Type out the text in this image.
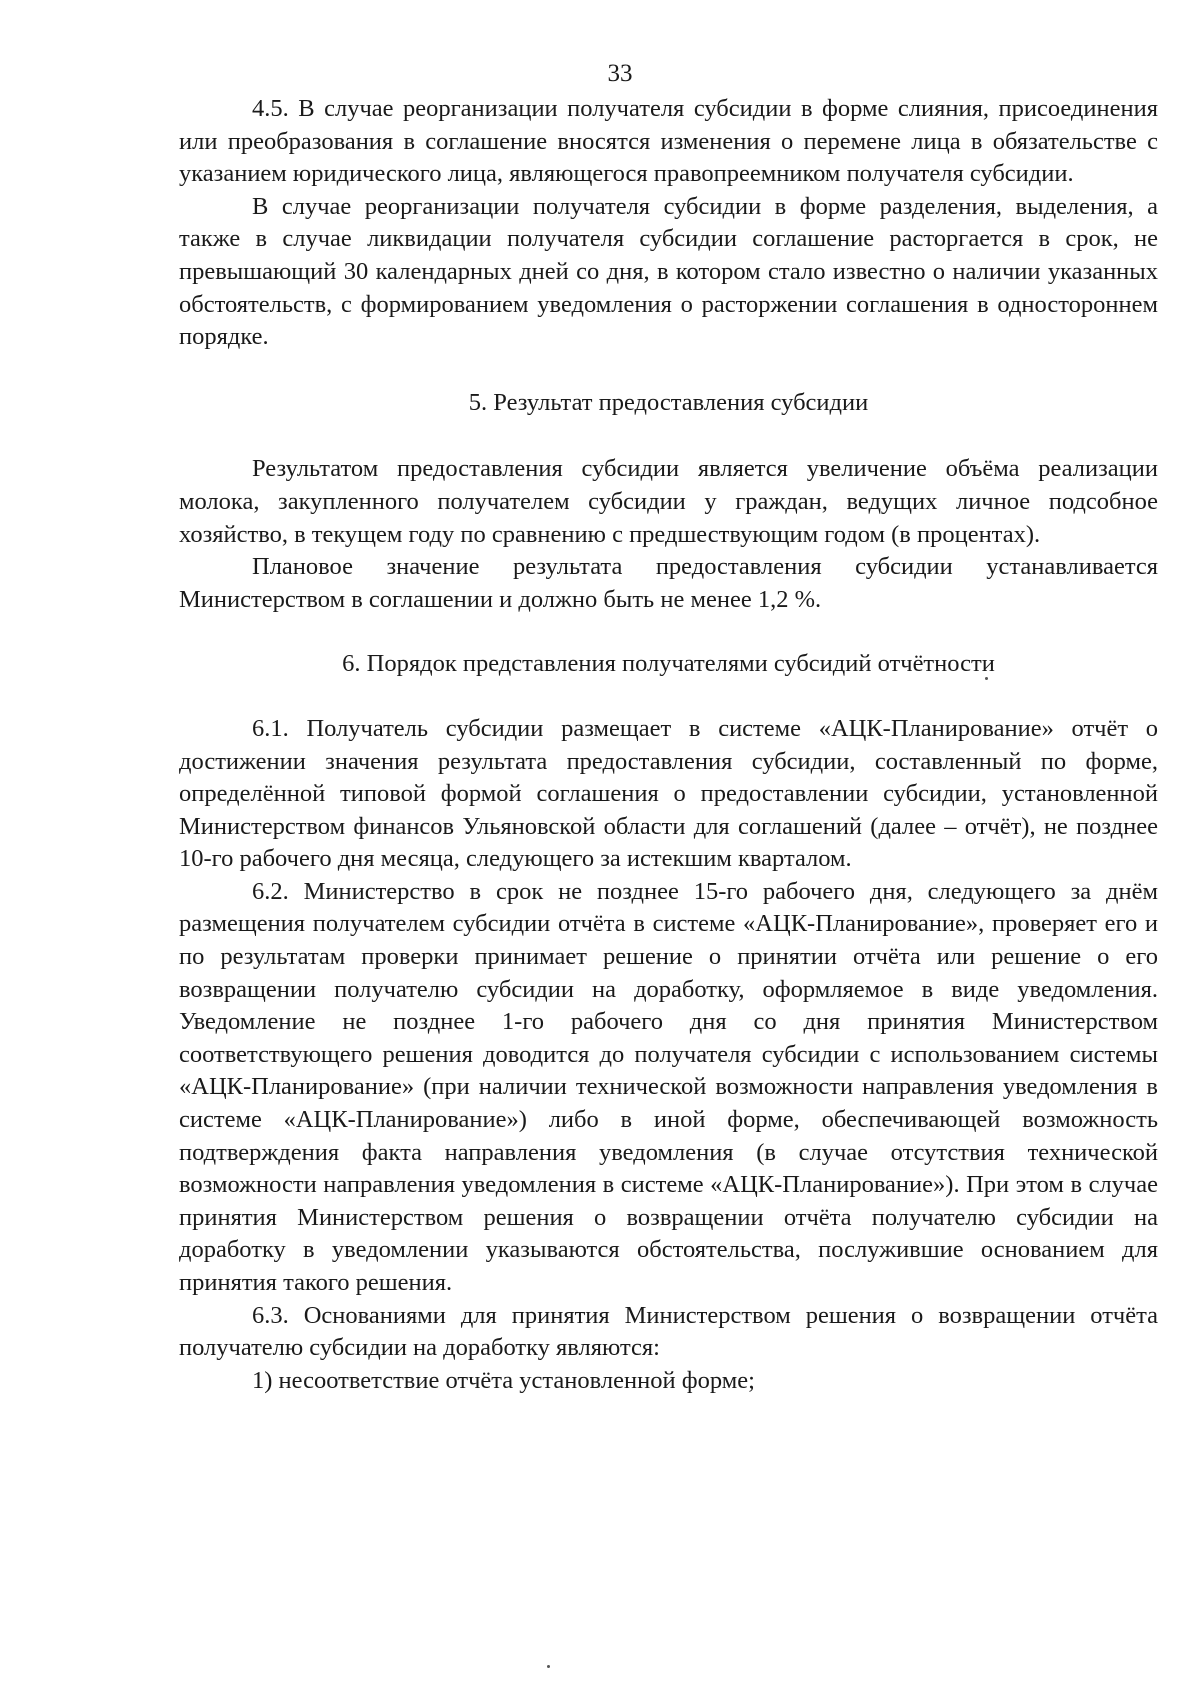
33

4.5. В случае реорганизации получателя субсидии в форме слияния, присоединения или преобразования в соглашение вносятся изменения о перемене лица в обязательстве с указанием юридического лица, являющегося правопреемником получателя субсидии.

В случае реорганизации получателя субсидии в форме разделения, выделения, а также в случае ликвидации получателя субсидии соглашение расторгается в срок, не превышающий 30 календарных дней со дня, в котором стало известно о наличии указанных обстоятельств, с формированием уведомления о расторжении соглашения в одностороннем порядке.

5. Результат предоставления субсидии

Результатом предоставления субсидии является увеличение объёма реализации молока, закупленного получателем субсидии у граждан, ведущих личное подсобное хозяйство, в текущем году по сравнению с предшествующим годом (в процентах).

Плановое значение результата предоставления субсидии устанавливается Министерством в соглашении и должно быть не менее 1,2 %.

6. Порядок представления получателями субсидий отчётности

6.1. Получатель субсидии размещает в системе «АЦК-Планирование» отчёт о достижении значения результата предоставления субсидии, составленный по форме, определённой типовой формой соглашения о предоставлении субсидии, установленной Министерством финансов Ульяновской области для соглашений (далее – отчёт), не позднее 10-го рабочего дня месяца, следующего за истекшим кварталом.

6.2. Министерство в срок не позднее 15-го рабочего дня, следующего за днём размещения получателем субсидии отчёта в системе «АЦК-Планирование», проверяет его и по результатам проверки принимает решение о принятии отчёта или решение о его возвращении получателю субсидии на доработку, оформляемое в виде уведомления. Уведомление не позднее 1-го рабочего дня со дня принятия Министерством соответствующего решения доводится до получателя субсидии с использованием системы «АЦК-Планирование» (при наличии технической возможности направления уведомления в системе «АЦК-Планирование») либо в иной форме, обеспечивающей возможность подтверждения факта направления уведомления (в случае отсутствия технической возможности направления уведомления в системе «АЦК-Планирование»). При этом в случае принятия Министерством решения о возвращении отчёта получателю субсидии на доработку в уведомлении указываются обстоятельства, послужившие основанием для принятия такого решения.

6.3. Основаниями для принятия Министерством решения о возвращении отчёта получателю субсидии на доработку являются:

1) несоответствие отчёта установленной форме;
